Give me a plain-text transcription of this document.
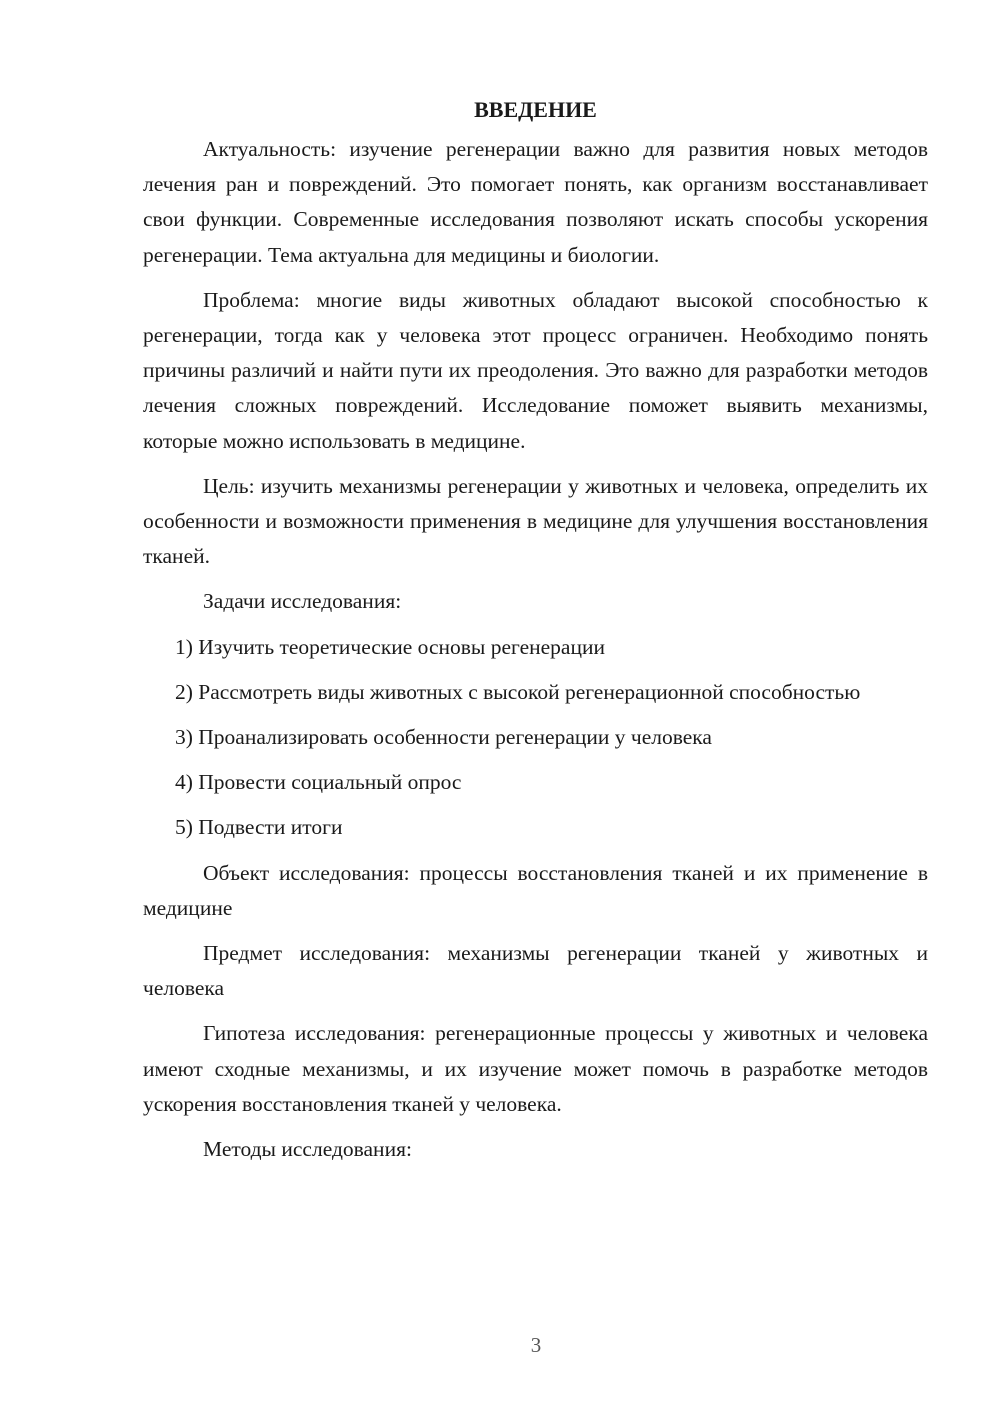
ВВЕДЕНИЕ

Актуальность: изучение регенерации важно для развития новых методов лечения ран и повреждений. Это помогает понять, как организм восстанавливает свои функции. Современные исследования позволяют искать способы ускорения регенерации. Тема актуальна для медицины и биологии.

Проблема: многие виды животных обладают высокой способностью к регенерации, тогда как у человека этот процесс ограничен. Необходимо понять причины различий и найти пути их преодоления. Это важно для разработки методов лечения сложных повреждений. Исследование поможет выявить механизмы, которые можно использовать в медицине.

Цель: изучить механизмы регенерации у животных и человека, определить их особенности и возможности применения в медицине для улучшения восстановления тканей.

Задачи исследования:

1) Изучить теоретические основы регенерации

2) Рассмотреть виды животных с высокой регенерационной способностью

3) Проанализировать особенности регенерации у человека

4) Провести социальный опрос

5) Подвести итоги

Объект исследования: процессы восстановления тканей и их применение в медицине

Предмет исследования: механизмы регенерации тканей у животных и человека

Гипотеза исследования: регенерационные процессы у животных и человека имеют сходные механизмы, и их изучение может помочь в разработке методов ускорения восстановления тканей у человека.

Методы исследования:

3
